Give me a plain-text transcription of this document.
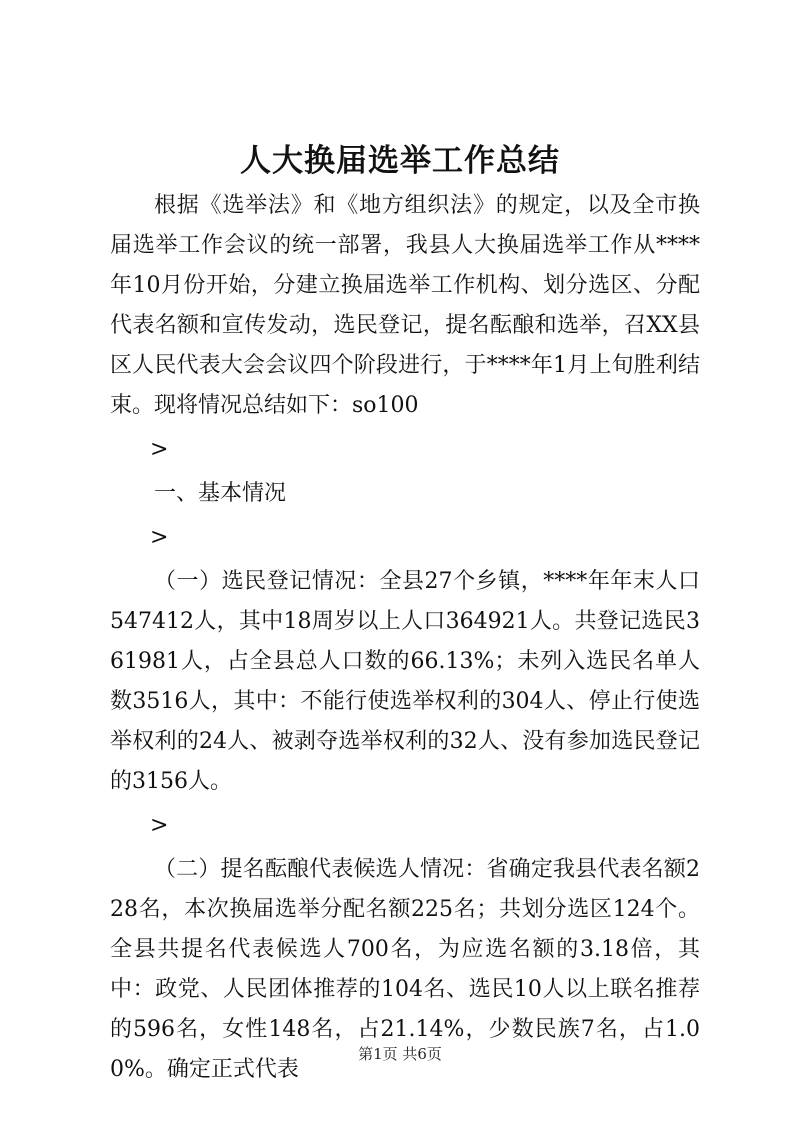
人大换届选举工作总结

根据《选举法》和《地方组织法》的规定，以及全市换届选举工作会议的统一部署，我县人大换届选举工作从****年10月份开始，分建立换届选举工作机构、划分选区、分配代表名额和宣传发动，选民登记，提名酝酿和选举，召XX县区人民代表大会会议四个阶段进行，于****年1月上旬胜利结束。现将情况总结如下：so100

>

一、基本情况

>

（一）选民登记情况：全县27个乡镇，****年年末人口547412人，其中18周岁以上人口364921人。共登记选民361981人，占全县总人口数的66.13%；未列入选民名单人数3516人，其中：不能行使选举权利的304人、停止行使选举权利的24人、被剥夺选举权利的32人、没有参加选民登记的3156人。

>

（二）提名酝酿代表候选人情况：省确定我县代表名额228名，本次换届选举分配名额225名；共划分选区124个。全县共提名代表候选人700名，为应选名额的3.18倍，其中：政党、人民团体推荐的104名、选民10人以上联名推荐的596名，女性148名，占21.14%，少数民族7名，占1.00%。确定正式代表

第1页 共6页
